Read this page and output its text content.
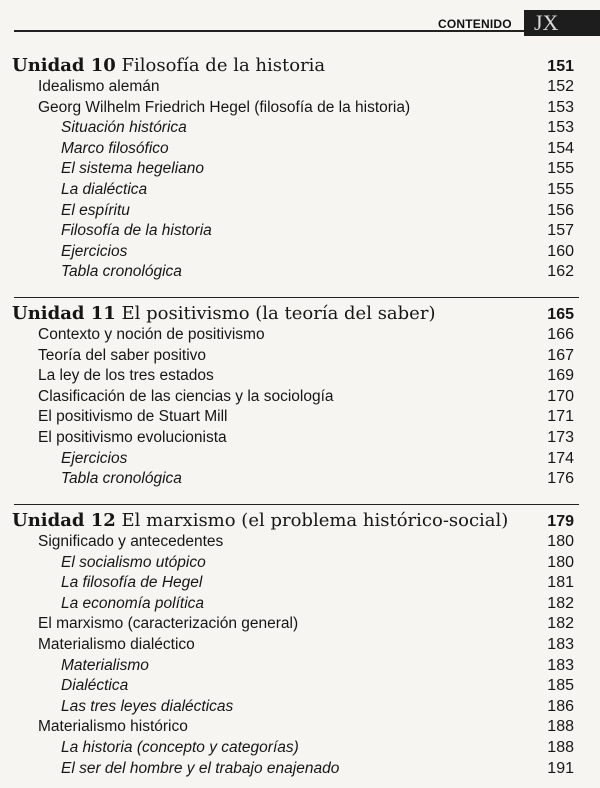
CONTENIDO	JX
Unidad 10 Filosofía de la historia	151
Idealismo alemán	152
Georg Wilhelm Friedrich Hegel (filosofía de la historia)	153
Situación histórica	153
Marco filosófico	154
El sistema hegeliano	155
La dialéctica	155
El espíritu	156
Filosofía de la historia	157
Ejercicios	160
Tabla cronológica	162
Unidad 11 El positivismo (la teoría del saber)	165
Contexto y noción de positivismo	166
Teoría del saber positivo	167
La ley de los tres estados	169
Clasificación de las ciencias y la sociología	170
El positivismo de Stuart Mill	171
El positivismo evolucionista	173
Ejercicios	174
Tabla cronológica	176
Unidad 12 El marxismo (el problema histórico-social) 179
Significado y antecedentes	180
El socialismo utópico	180
La filosofía de Hegel	181
La economía política	182
El marxismo (caracterización general)	182
Materialismo dialéctico	183
Materialismo	183
Dialéctica	185
Las tres leyes dialécticas	186
Materialismo histórico	188
La historia (concepto y categorías)	188
El ser del hombre y el trabajo enajenado	191
